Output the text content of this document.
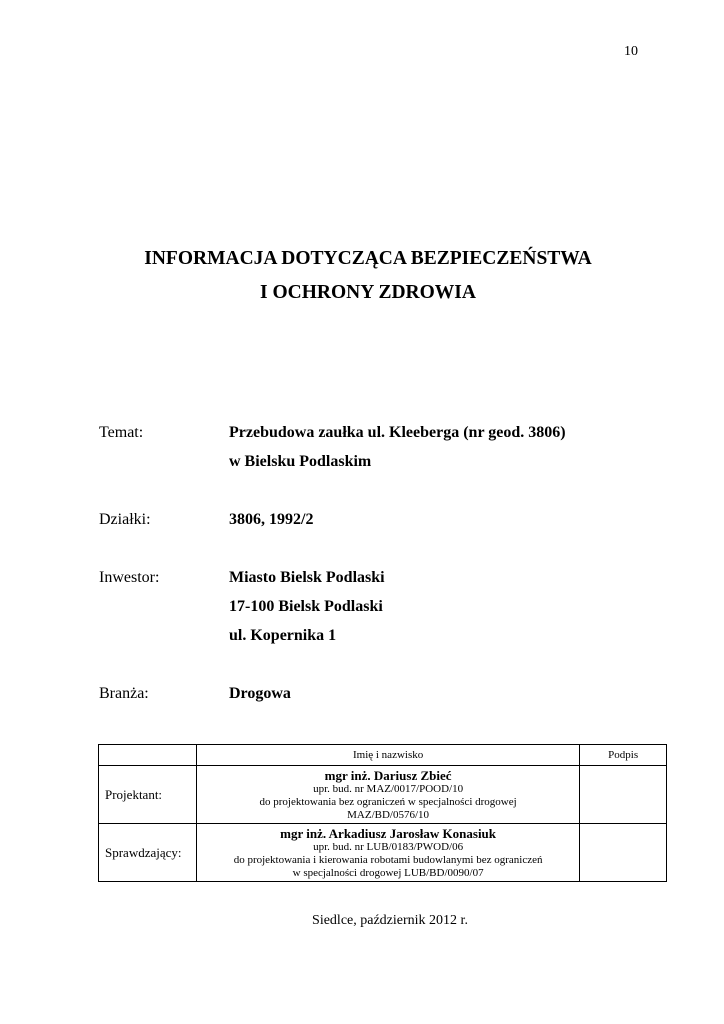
10
INFORMACJA DOTYCZĄCA BEZPIECZEŃSTWA
I OCHRONY ZDROWIA
Temat:	Przebudowa zaułka ul. Kleeberga (nr geod. 3806)
w Bielsku Podlaskim
Działki:	3806, 1992/2
Inwestor:	Miasto Bielsk Podlaski
17-100 Bielsk Podlaski
ul. Kopernika 1
Branża:	Drogowa
	Imię i nazwisko	Podpis
Projektant:	mgr inż. Dariusz Zbieć
upr. bud. nr MAZ/0017/POOD/10
do projektowania bez ograniczeń w specjalności drogowej
MAZ/BD/0576/10	

Sprawdzający:	mgr inż. Arkadiusz Jarosław Konasiuk
upr. bud. nr LUB/0183/PWOD/06
do projektowania i kierowania robotami budowlanymi bez ograniczeń
w specjalności drogowej LUB/BD/0090/07	

Siedlce, październik 2012 r.
